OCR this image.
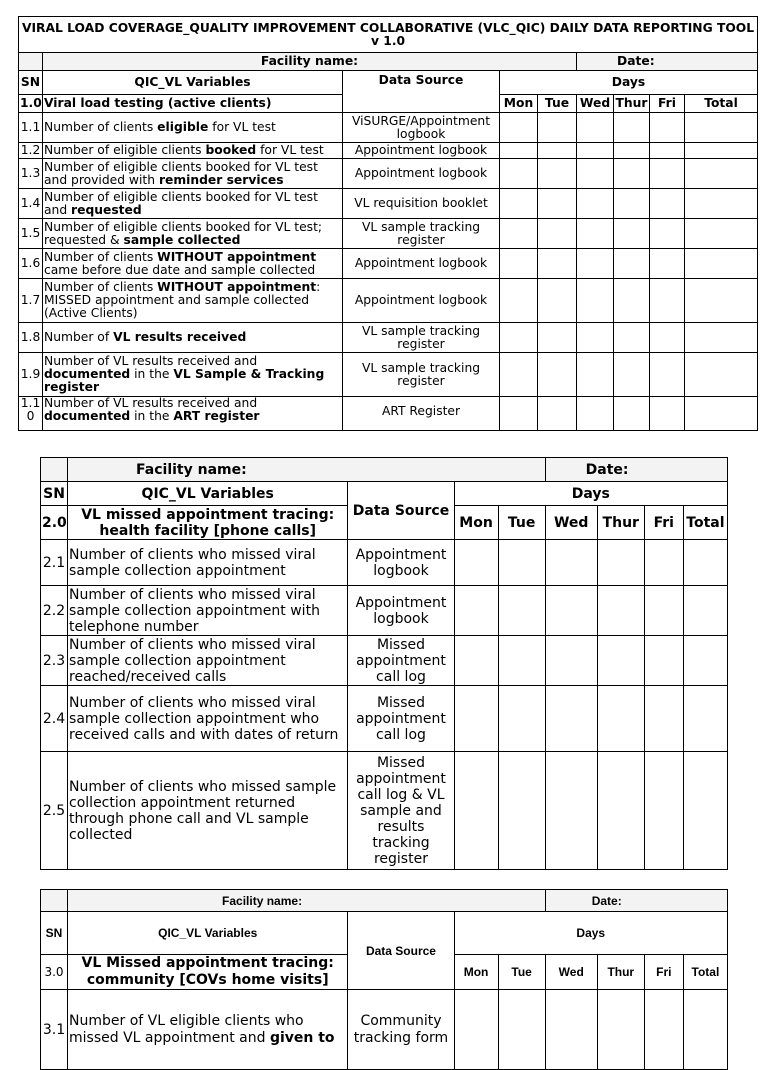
VIRAL LOAD COVERAGE_QUALITY IMPROVEMENT COLLABORATIVE (VLC_QIC) DAILY DATA REPORTING TOOL v 1.0								
	Facility name:				Date:			
SN	QIC_VL Variables	Data Source	Days					
1.0	Viral load testing (active clients)		Mon	Tue	Wed	Thur	Fri	Total
1.1	Number of clients eligible for VL test	ViSURGE/Appointment logbook						
1.2	Number of eligible clients booked for VL test	Appointment logbook						
1.3	Number of eligible clients booked for VL test and provided with reminder services	Appointment logbook						
1.4	Number of eligible clients booked for VL test and requested	VL requisition booklet						
1.5	Number of eligible clients booked for VL test; requested & sample collected	VL sample tracking register						
1.6	Number of clients WITHOUT appointment came before due date and sample collected	Appointment logbook						
1.7	Number of clients WITHOUT appointment: MISSED appointment and sample collected (Active Clients)	Appointment logbook						
1.8	Number of VL results received	VL sample tracking register						
1.9	Number of VL results received and documented in the VL Sample & Tracking register	VL sample tracking register						
1.10	Number of VL results received and documented in the ART register	ART Register						
	Facility name:				Date:			
SN	QIC_VL Variables	Data Source	Days					
2.0	VL missed appointment tracing: health facility [phone calls]		Mon	Tue	Wed	Thur	Fri	Total
2.1	Number of clients who missed viral sample collection appointment	Appointment logbook						
2.2	Number of clients who missed viral sample collection appointment with telephone number	Appointment logbook						
2.3	Number of clients who missed viral sample collection appointment reached/received calls	Missed appointment call log						
2.4	Number of clients who missed viral sample collection appointment who received calls and with dates of return	Missed appointment call log						
2.5	Number of clients who missed sample collection appointment returned through phone call and VL sample collected	Missed appointment call log & VL sample and results tracking register						
	Facility name:				Date:			
SN	QIC_VL Variables	Data Source	Days					
3.0	VL Missed appointment tracing: community [COVs home visits]		Mon	Tue	Wed	Thur	Fri	Total
3.1	Number of VL eligible clients who missed VL appointment and given to	Community tracking form						
